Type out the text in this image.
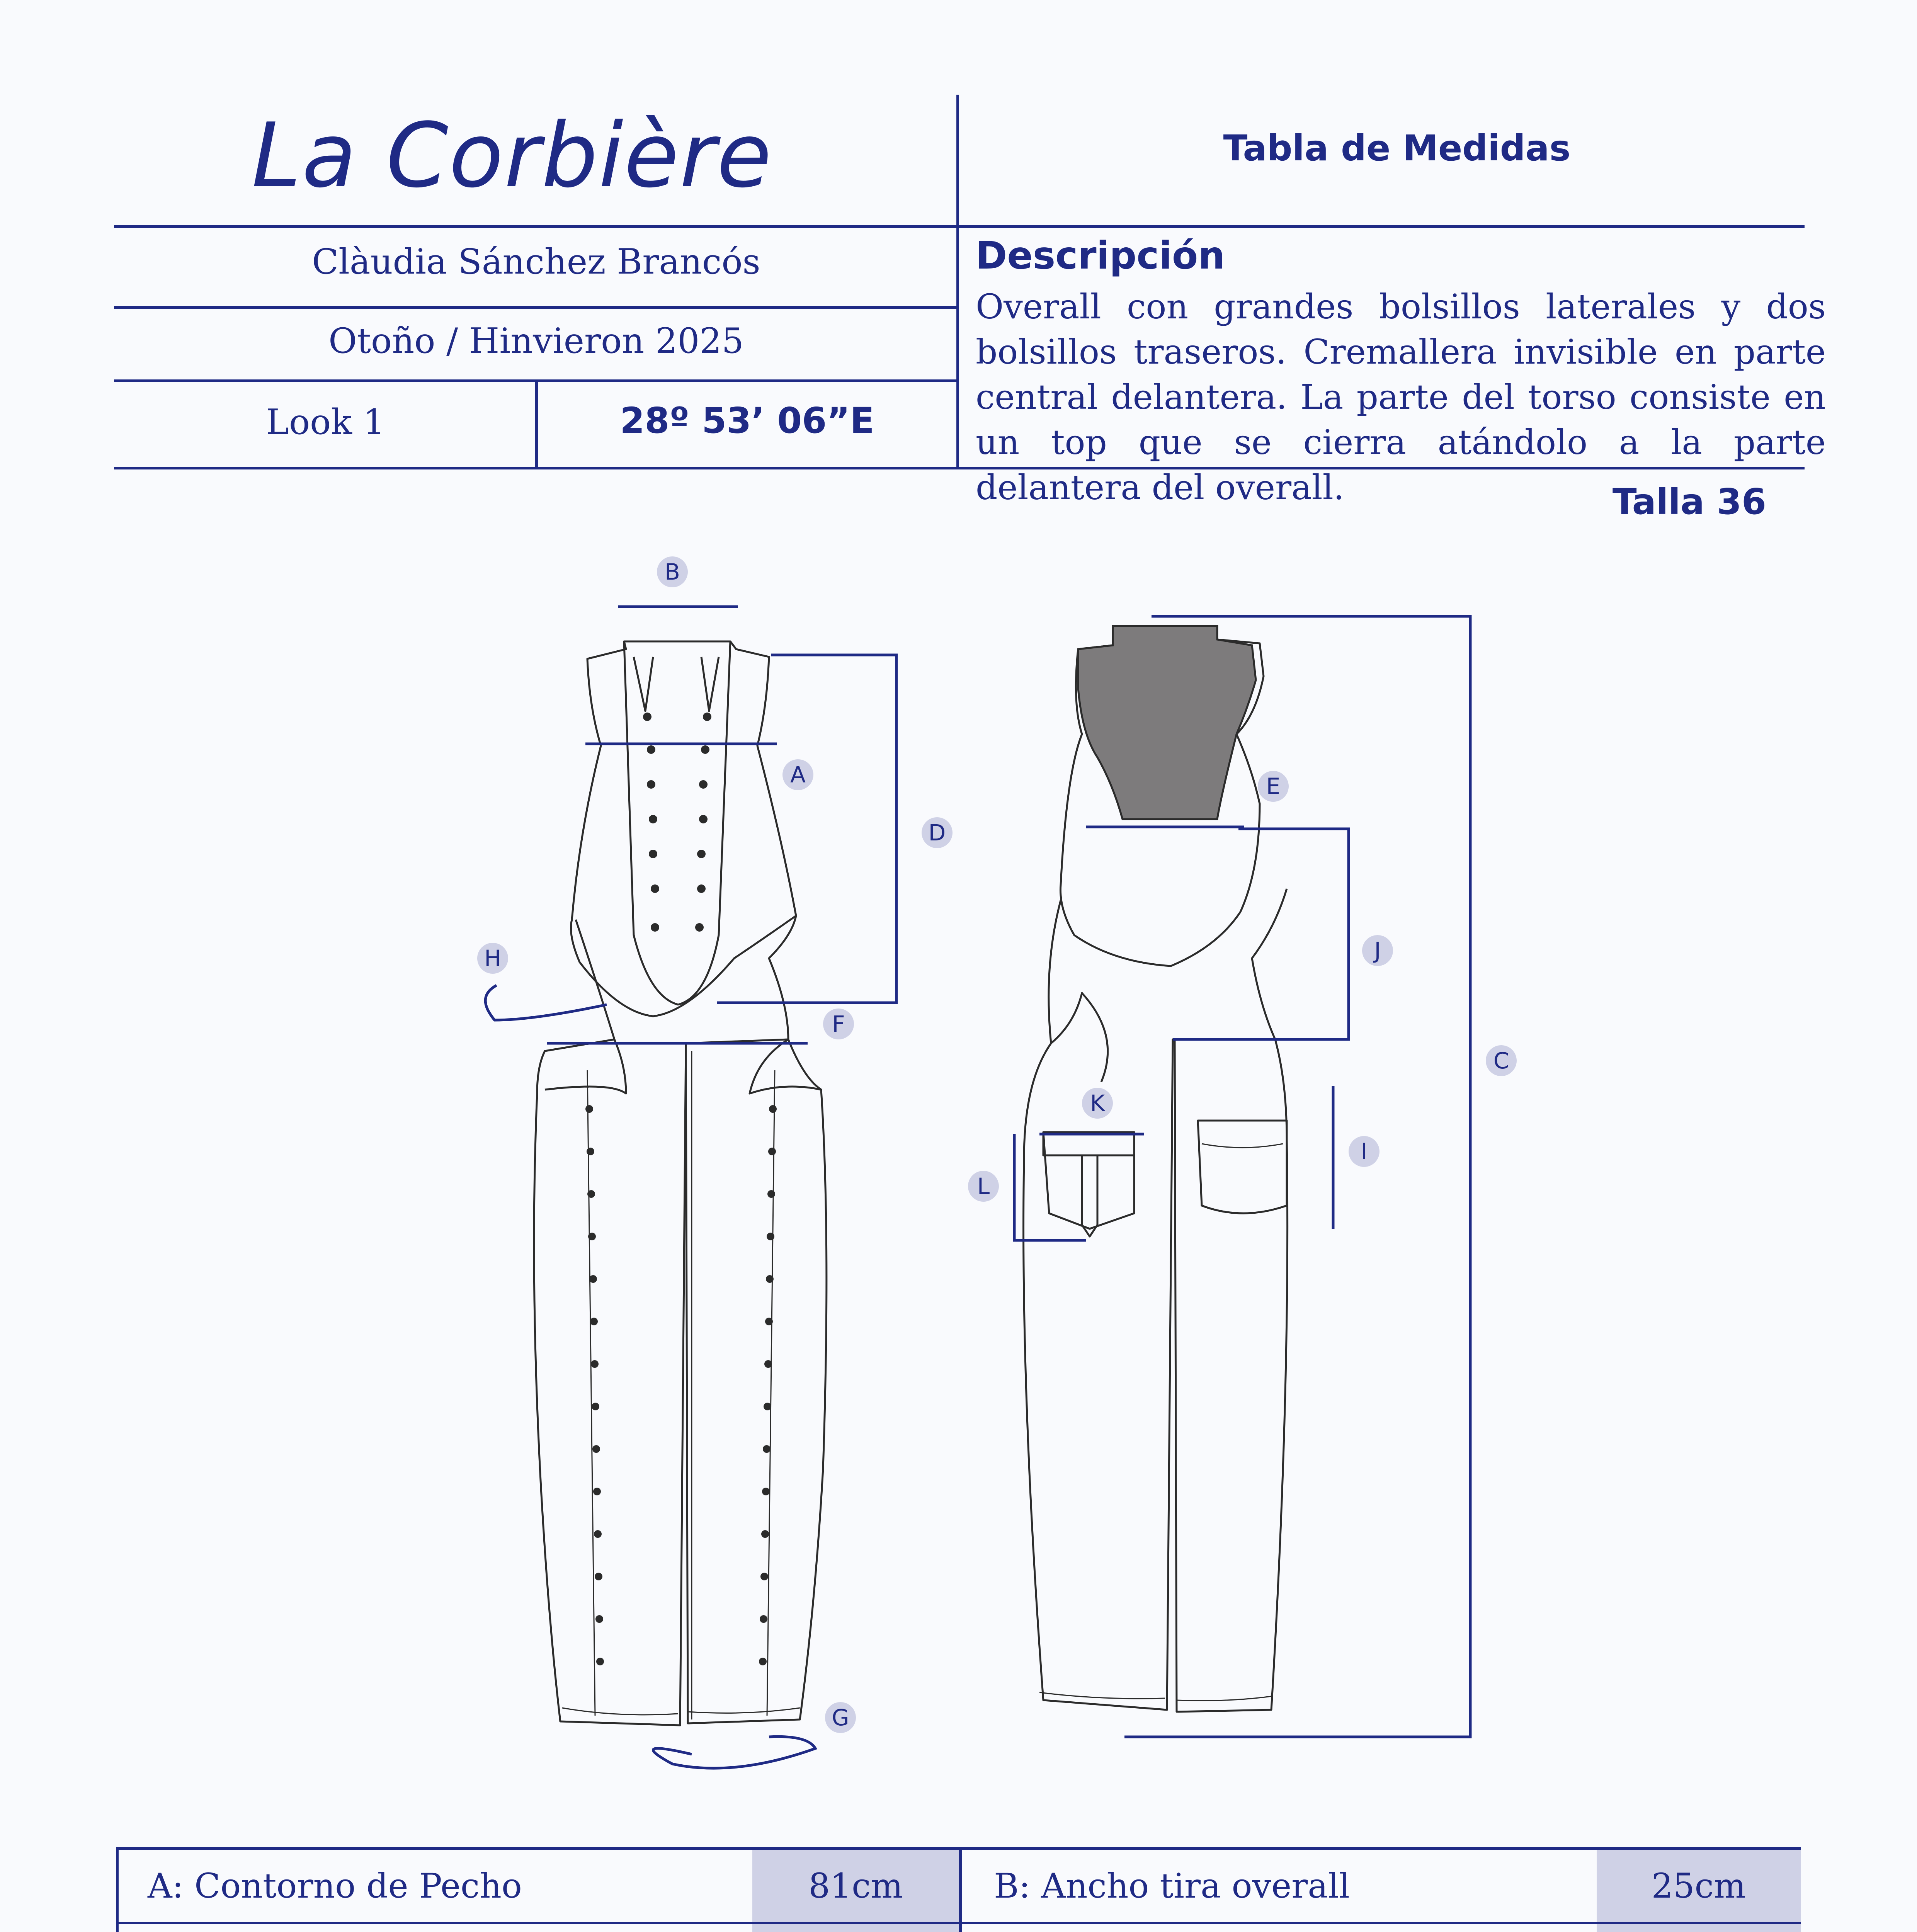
La Corbière	Tabla de Medidas
Clàudia Sánchez Brancós
Otoño / Hinvieron 2025
Look 1	28º 53’ 06”E
Descripción
Overall con grandes bolsillos laterales y dos bolsillos traseros. Cremallera invisible en parte central delantera. La parte del torso consiste en un top que se cierra atándolo a la parte delantera del overall.	Talla 36
B
A
D
H
F
G
E
J
C
K
I
L
A: Contorno de Pecho	81cm	B: Ancho tira overall	25cm
